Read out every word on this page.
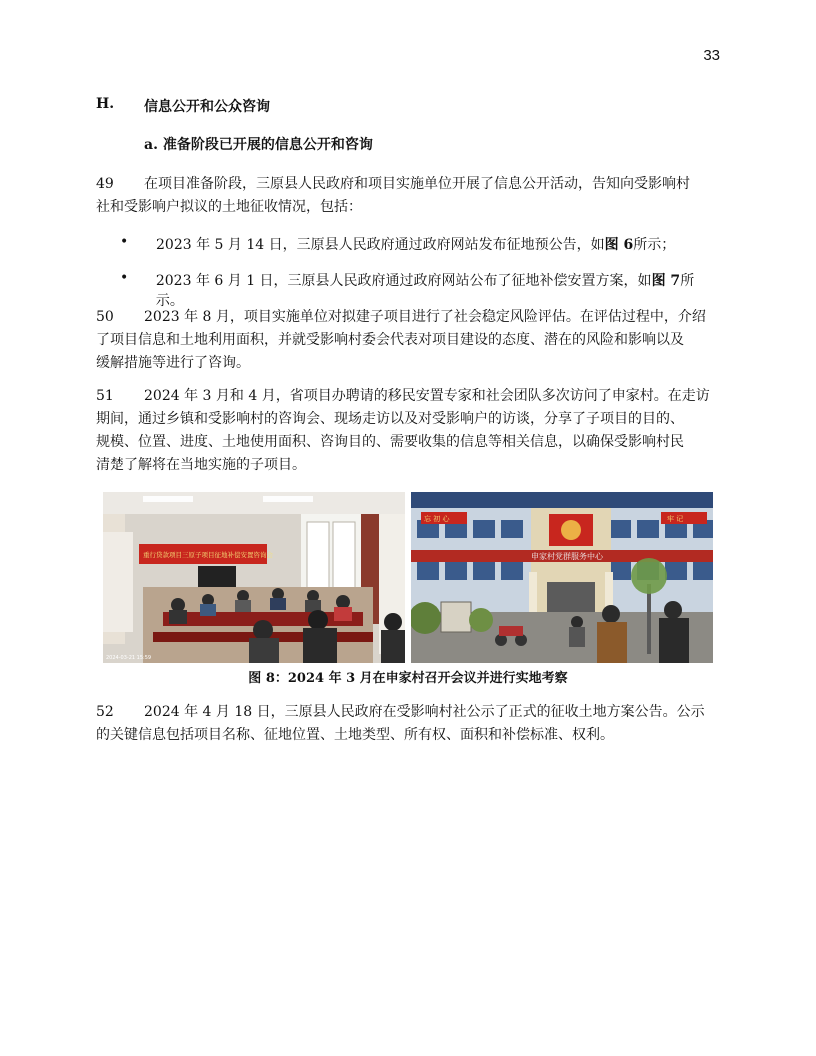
33
H.	信息公开和公众咨询
a. 准备阶段已开展的信息公开和咨询

49 在项目准备阶段，三原县人民政府和项目实施单位开展了信息公开活动，告知向受影响村
社和受影响户拟议的土地征收情况，包括：

•	2023 年 5 月 14 日，三原县人民政府通过政府网站发布征地预公告，如图 6所示；
•	2023 年 6 月 1 日，三原县人民政府通过政府网站公布了征地补偿安置方案，如图 7所示。

50 2023 年 8 月，项目实施单位对拟建子项目进行了社会稳定风险评估。在评估过程中，介绍
了项目信息和土地利用面积，并就受影响村委会代表对项目建设的态度、潜在的风险和影响以及
缓解措施等进行了咨询。

51 2024 年 3 月和 4 月，省项目办聘请的移民安置专家和社会团队多次访问了申家村。在走访
期间，通过乡镇和受影响村的咨询会、现场走访以及对受影响户的访谈，分享了子项目的目的、
规模、位置、进度、土地使用面积、咨询目的、需要收集的信息等相关信息，以确保受影响村民
清楚了解将在当地实施的子项目。

重行贷款项目三原子项目征地补偿安置咨询会
2024-03-21 15:59
忘 初 心	牢 记
申家村党群服务中心
图 8：2024 年 3 月在申家村召开会议并进行实地考察

52 2024 年 4 月 18 日，三原县人民政府在受影响村社公示了正式的征收土地方案公告。公示
的关键信息包括项目名称、征地位置、土地类型、所有权、面积和补偿标准、权利。
